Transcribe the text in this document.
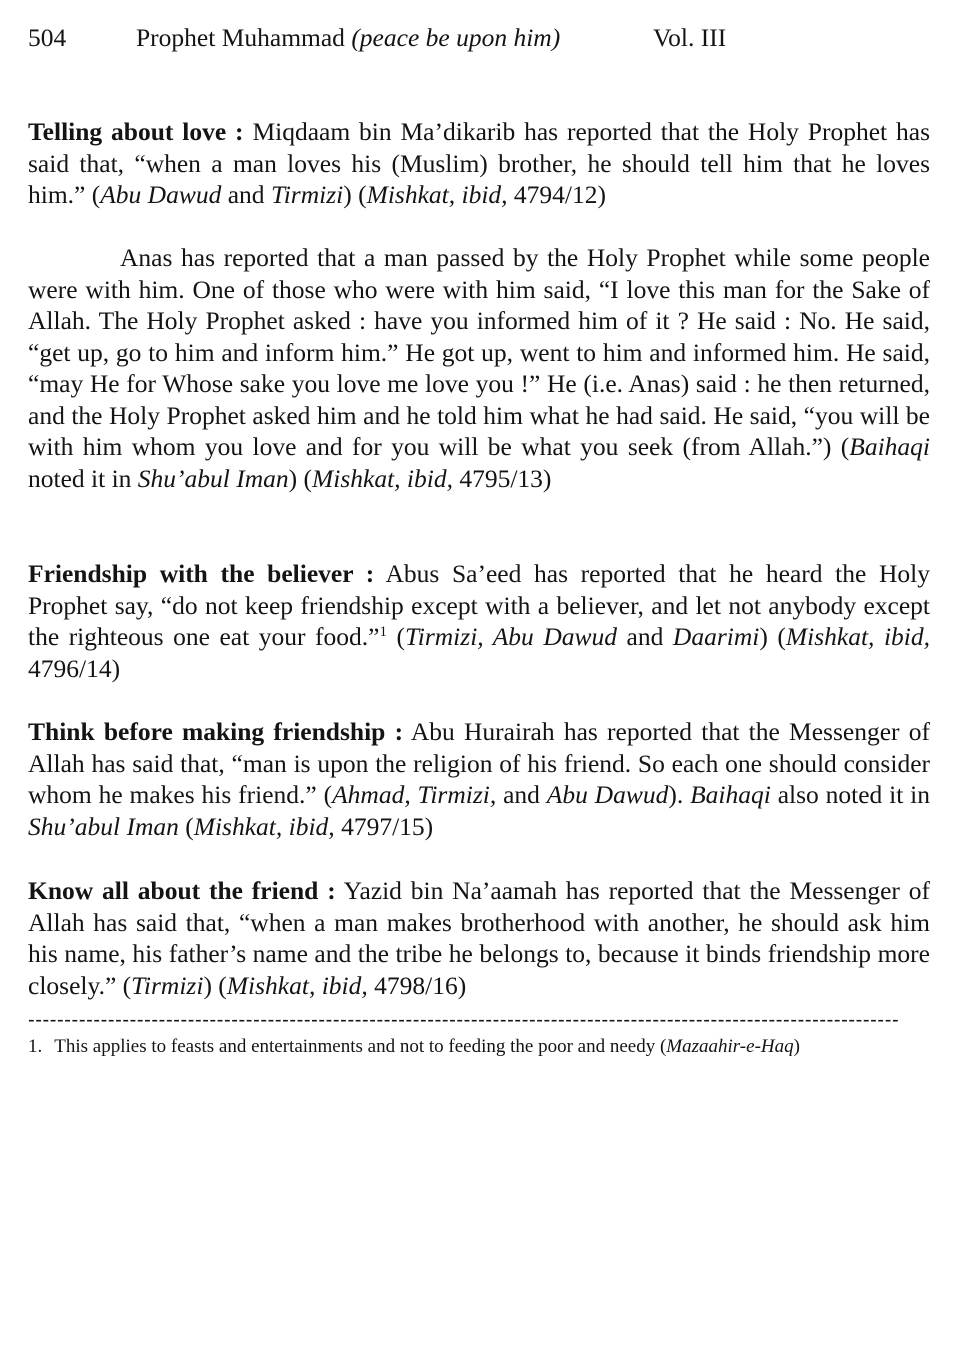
504	Prophet Muhammad (peace be upon him)	Vol. III

Telling about love : Miqdaam bin Ma’dikarib has reported that the Holy Prophet has said that, “when a man loves his (Muslim) brother, he should tell him that he loves him.” (Abu Dawud and Tirmizi) (Mishkat, ibid, 4794/12)

Anas has reported that a man passed by the Holy Prophet while some people were with him. One of those who were with him said, “I love this man for the Sake of Allah. The Holy Prophet asked : have you informed him of it ? He said : No. He said, “get up, go to him and inform him.” He got up, went to him and informed him. He said, “may He for Whose sake you love me love you !” He (i.e. Anas) said : he then returned, and the Holy Prophet asked him and he told him what he had said. He said, “you will be with him whom you love and for you will be what you seek (from Allah.”) (Baihaqi noted it in Shu’abul Iman) (Mishkat, ibid, 4795/13)

Friendship with the believer : Abus Sa’eed has reported that he heard the Holy Prophet say, “do not keep friendship except with a believer, and let not anybody except the righteous one eat your food.”$^1$ (Tirmizi, Abu Dawud and Daarimi) (Mishkat, ibid, 4796/14)

Think before making friendship : Abu Hurairah has reported that the Messenger of Allah has said that, “man is upon the religion of his friend. So each one should consider whom he makes his friend.” (Ahmad, Tirmizi, and Abu Dawud). Baihaqi also noted it in Shu’abul Iman (Mishkat, ibid, 4797/15)

Know all about the friend : Yazid bin Na’aamah has reported that the Messenger of Allah has said that, “when a man makes brotherhood with another, he should ask him his name, his father’s name and the tribe he belongs to, because it binds friendship more closely.” (Tirmizi) (Mishkat, ibid, 4798/16)

------------------------------------------------------------------------------------------------------------------------

1. This applies to feasts and entertainments and not to feeding the poor and needy (Mazaahir-e-Haq)
